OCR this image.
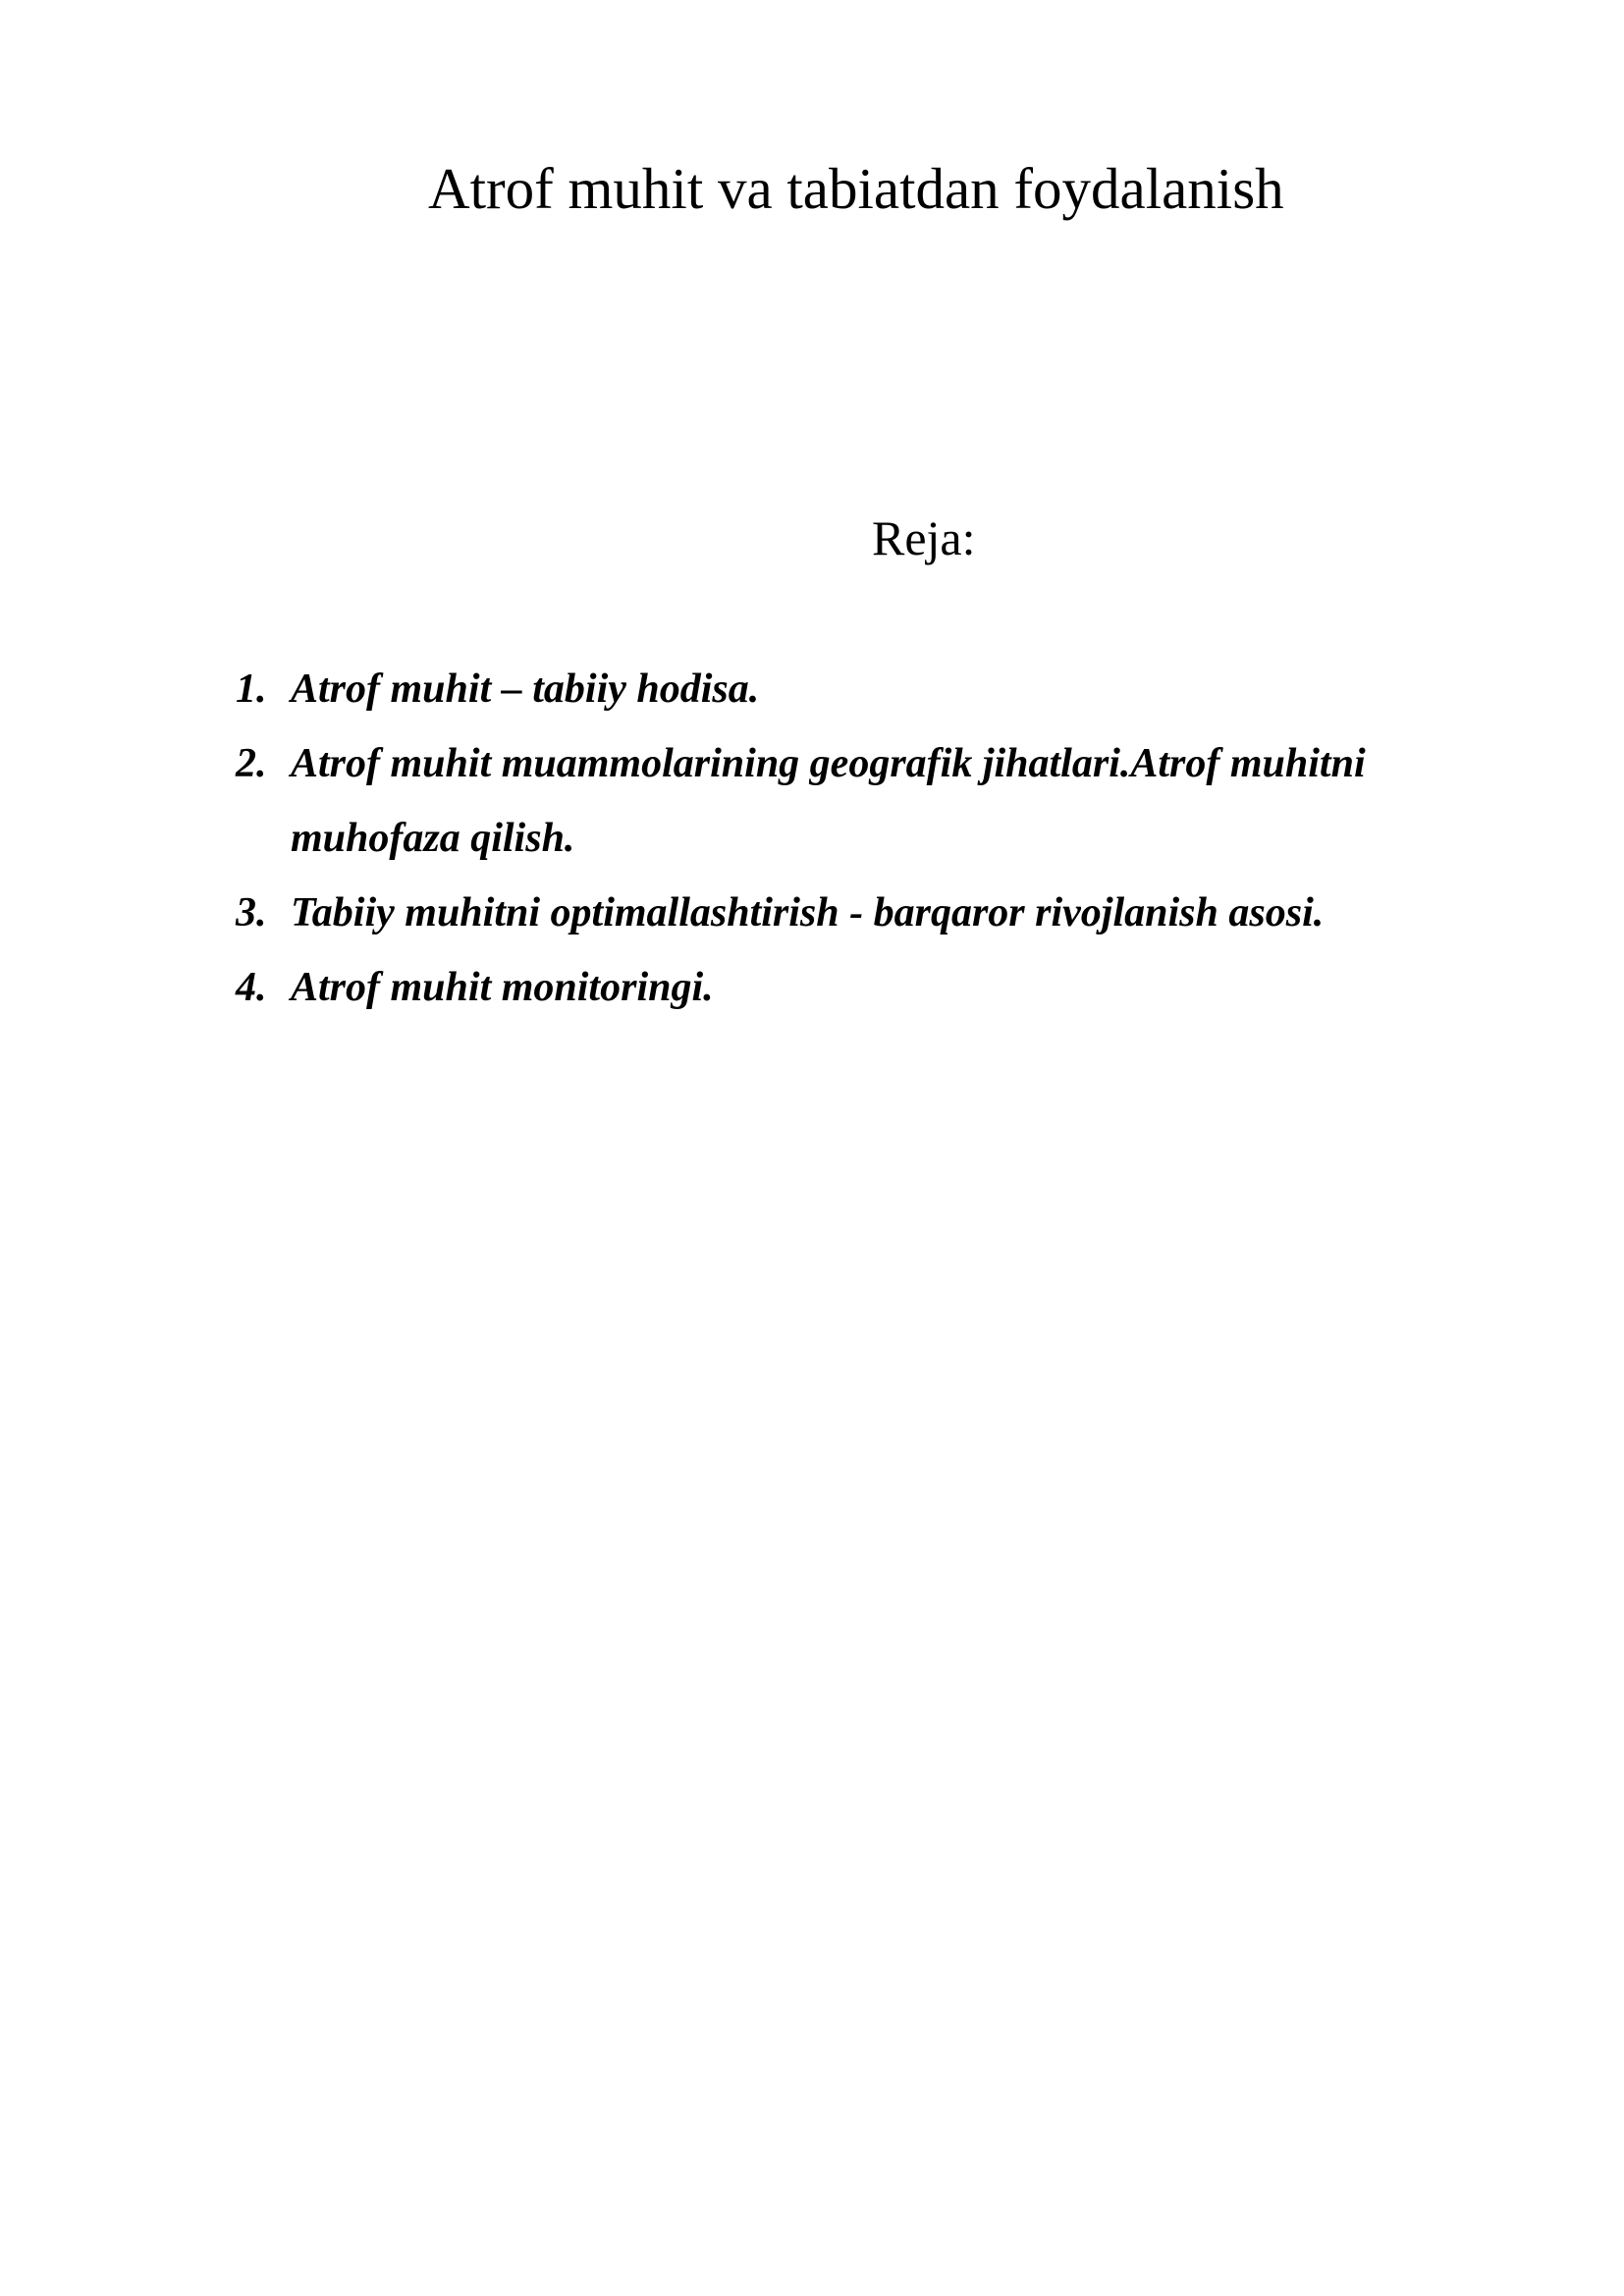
Atrof muhit va tabiatdan foydalanish
Reja:
1. Atrof muhit – tabiiy hodisa.
2. Atrof muhit muammolarining geografik jihatlari.Atrof muhitni muhofaza qilish.
3. Tabiiy muhitni optimallashtirish - barqaror rivojlanish asosi.
4. Atrof muhit monitoringi.
